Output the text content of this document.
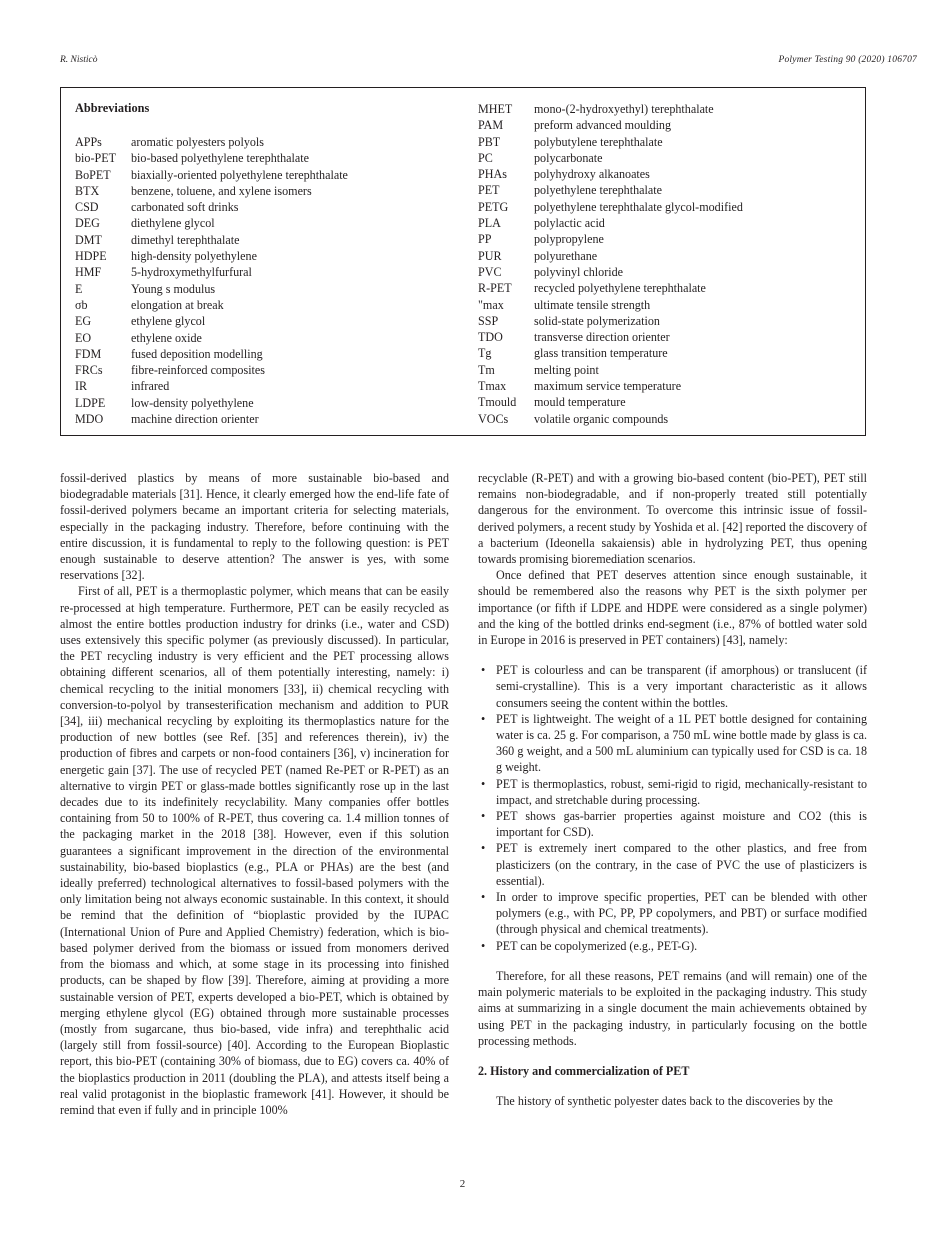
R. Nisticò	Polymer Testing 90 (2020) 106707
Abbreviations
APPs	aromatic polyesters polyols
bio-PET	bio-based polyethylene terephthalate
BoPET	biaxially-oriented polyethylene terephthalate
BTX	benzene, toluene, and xylene isomers
CSD	carbonated soft drinks
DEG	diethylene glycol
DMT	dimethyl terephthalate
HDPE	high-density polyethylene
HMF	5-hydroxymethylfurfural
E	Young s modulus
σb	elongation at break
EG	ethylene glycol
EO	ethylene oxide
FDM	fused deposition modelling
FRCs	fibre-reinforced composites
IR	infrared
LDPE	low-density polyethylene
MDO	machine direction orienter
MHET	mono-(2-hydroxyethyl) terephthalate
PAM	preform advanced moulding
PBT	polybutylene terephthalate
PC	polycarbonate
PHAs	polyhydroxy alkanoates
PET	polyethylene terephthalate
PETG	polyethylene terephthalate glycol-modified
PLA	polylactic acid
PP	polypropylene
PUR	polyurethane
PVC	polyvinyl chloride
R-PET	recycled polyethylene terephthalate
"max	ultimate tensile strength
SSP	solid-state polymerization
TDO	transverse direction orienter
Tg	glass transition temperature
Tm	melting point
Tmax	maximum service temperature
Tmould	mould temperature
VOCs	volatile organic compounds

fossil-derived plastics by means of more sustainable bio-based and biodegradable materials [31]. Hence, it clearly emerged how the end-life fate of fossil-derived polymers became an important criteria for selecting materials, especially in the packaging industry. Therefore, before continuing with the entire discussion, it is fundamental to reply to the following question: is PET enough sustainable to deserve attention? The answer is yes, with some reservations [32].

First of all, PET is a thermoplastic polymer, which means that can be easily re-processed at high temperature. Furthermore, PET can be easily recycled as almost the entire bottles production industry for drinks (i.e., water and CSD) uses extensively this specific polymer (as previously discussed). In particular, the PET recycling industry is very efficient and the PET processing allows obtaining different scenarios, all of them potentially interesting, namely: i) chemical recycling to the initial monomers [33], ii) chemical recycling with conversion-to-polyol by transesterification mechanism and addition to PUR [34], iii) mechanical recycling by exploiting its thermoplastics nature for the production of new bottles (see Ref. [35] and references therein), iv) the production of fibres and carpets or non-food containers [36], v) incineration for energetic gain [37]. The use of recycled PET (named Re-PET or R-PET) as an alternative to virgin PET or glass-made bottles significantly rose up in the last decades due to its indefinitely recyclability. Many companies offer bottles containing from 50 to 100% of R-PET, thus covering ca. 1.4 million tonnes of the packaging market in the 2018 [38]. However, even if this solution guarantees a significant improvement in the direction of the environmental sustainability, bio-based bioplastics (e.g., PLA or PHAs) are the best (and ideally preferred) technological alternatives to fossil-based polymers with the only limitation being not always economic sustainable. In this context, it should be remind that the definition of “bioplastic provided by the IUPAC (International Union of Pure and Applied Chemistry) federation, which is bio-based polymer derived from the biomass or issued from monomers derived from the biomass and which, at some stage in its processing into finished products, can be shaped by flow [39]. Therefore, aiming at providing a more sustainable version of PET, experts developed a bio-PET, which is obtained by merging ethylene glycol (EG) obtained through more sustainable processes (mostly from sugarcane, thus bio-based, vide infra) and terephthalic acid (largely still from fossil-source) [40]. According to the European Bioplastic report, this bio-PET (containing 30% of biomass, due to EG) covers ca. 40% of the bioplastics production in 2011 (doubling the PLA), and attests itself being a real valid protagonist in the bioplastic framework [41]. However, it should be remind that even if fully and in principle 100%

recyclable (R-PET) and with a growing bio-based content (bio-PET), PET still remains non-biodegradable, and if non-properly treated still potentially dangerous for the environment. To overcome this intrinsic issue of fossil-derived polymers, a recent study by Yoshida et al. [42] reported the discovery of a bacterium (Ideonella sakaiensis) able in hydrolyzing PET, thus opening towards promising bioremediation scenarios.

Once defined that PET deserves attention since enough sustainable, it should be remembered also the reasons why PET is the sixth polymer per importance (or fifth if LDPE and HDPE were considered as a single polymer) and the king of the bottled drinks end-segment (i.e., 87% of bottled water sold in Europe in 2016 is preserved in PET containers) [43], namely:

• PET is colourless and can be transparent (if amorphous) or translucent (if semi-crystalline). This is a very important characteristic as it allows consumers seeing the content within the bottles.
• PET is lightweight. The weight of a 1L PET bottle designed for containing water is ca. 25 g. For comparison, a 750 mL wine bottle made by glass is ca. 360 g weight, and a 500 mL aluminium can typically used for CSD is ca. 18 g weight.
• PET is thermoplastics, robust, semi-rigid to rigid, mechanically-resistant to impact, and stretchable during processing.
• PET shows gas-barrier properties against moisture and CO2 (this is important for CSD).
• PET is extremely inert compared to the other plastics, and free from plasticizers (on the contrary, in the case of PVC the use of plasticizers is essential).
• In order to improve specific properties, PET can be blended with other polymers (e.g., with PC, PP, PP copolymers, and PBT) or surface modified (through physical and chemical treatments).
• PET can be copolymerized (e.g., PET-G).

Therefore, for all these reasons, PET remains (and will remain) one of the main polymeric materials to be exploited in the packaging industry. This study aims at summarizing in a single document the main achievements obtained by using PET in the packaging industry, in particularly focusing on the bottle processing methods.

2. History and commercialization of PET

The history of synthetic polyester dates back to the discoveries by the

2
